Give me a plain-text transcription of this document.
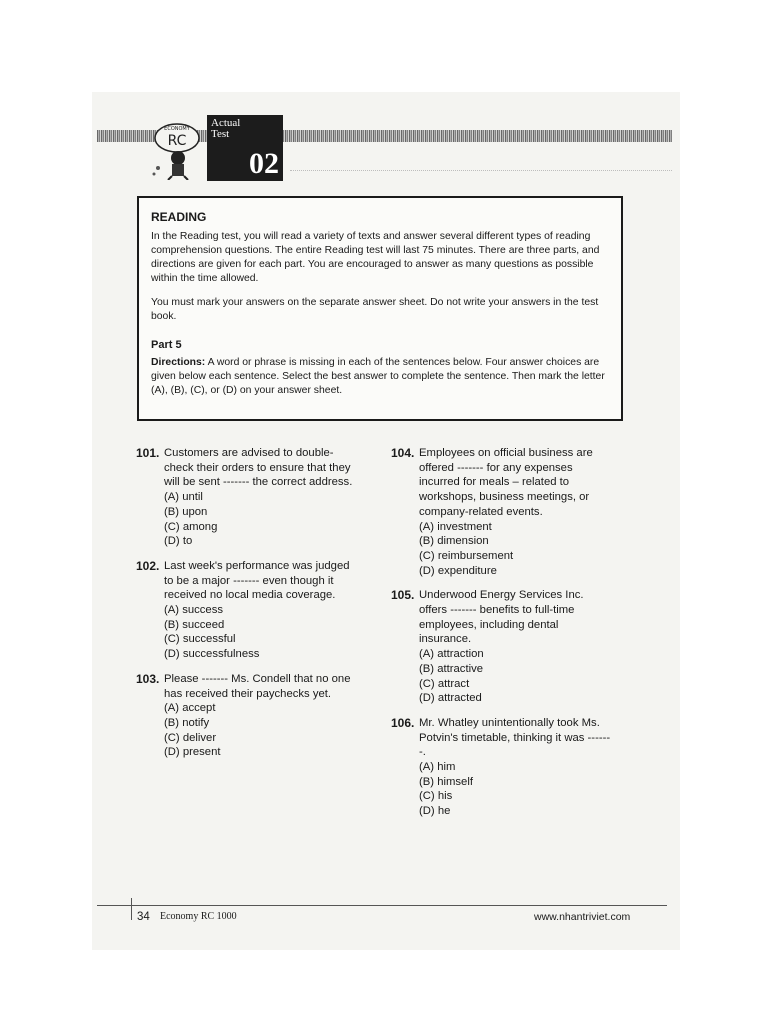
ECONOMY
RC
Actual
Test
02
READING

In the Reading test, you will read a variety of texts and answer several different types of reading comprehension questions. The entire Reading test will last 75 minutes. There are three parts, and directions are given for each part. You are encouraged to answer as many questions as possible within the time allowed.

You must mark your answers on the separate answer sheet. Do not write your answers in the test book.

Part 5
Directions: A word or phrase is missing in each of the sentences below. Four answer choices are given below each sentence. Select the best answer to complete the sentence. Then mark the letter (A), (B), (C), or (D) on your answer sheet.
101. Customers are advised to double-check their orders to ensure that they will be sent ------- the correct address.
(A) until
(B) upon
(C) among
(D) to
102. Last week's performance was judged to be a major ------- even though it received no local media coverage.
(A) success
(B) succeed
(C) successful
(D) successfulness
103. Please ------- Ms. Condell that no one has received their paychecks yet.
(A) accept
(B) notify
(C) deliver
(D) present
104. Employees on official business are offered ------- for any expenses incurred for meals – related to workshops, business meetings, or company-related events.
(A) investment
(B) dimension
(C) reimbursement
(D) expenditure
105. Underwood Energy Services Inc. offers ------- benefits to full-time employees, including dental insurance.
(A) attraction
(B) attractive
(C) attract
(D) attracted
106. Mr. Whatley unintentionally took Ms. Potvin's timetable, thinking it was -------.
(A) him
(B) himself
(C) his
(D) he
34 Economy RC 1000	www.nhantriviet.com
